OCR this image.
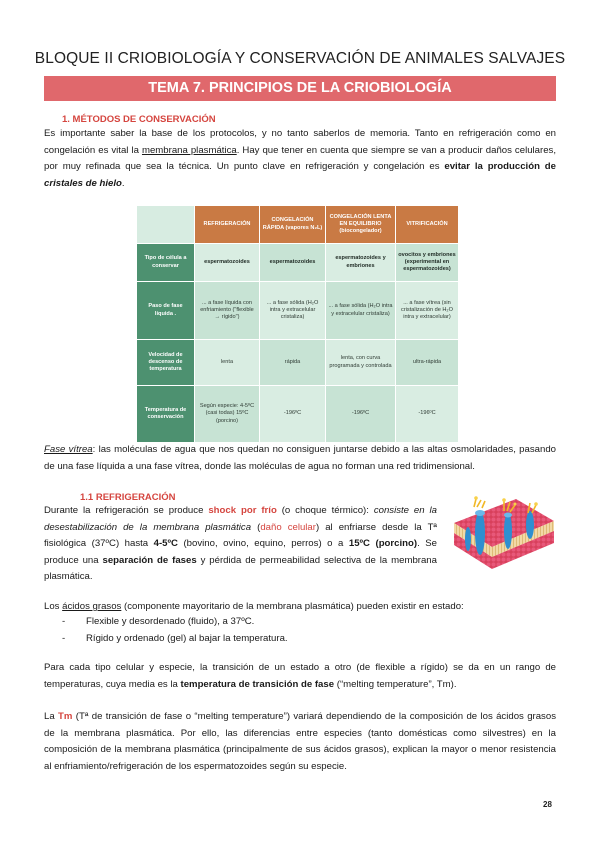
BLOQUE II CRIOBIOLOGÍA Y CONSERVACIÓN DE ANIMALES SALVAJES
TEMA 7. PRINCIPIOS DE LA CRIOBIOLOGÍA
1. MÉTODOS DE CONSERVACIÓN
Es importante saber la base de los protocolos, y no tanto saberlos de memoria. Tanto en refrigeración como en congelación es vital la membrana plasmática. Hay que tener en cuenta que siempre se van a producir daños celulares, por muy refinada que sea la técnica. Un punto clave en refrigeración y congelación es evitar la producción de cristales de hielo.
	REFRIGERACIÓN	CONGELACIÓN RÁPIDA (vapores N₂L)	CONGELACIÓN LENTA EN EQUILIBRIO (biocongelador)	VITRIFICACIÓN
Tipo de célula a conservar	espermatozoides	espermatozoides	espermatozoides y embriones	ovocitos y embriones (experimental en espermatozoides)
Paso de fase líquida .	... a fase líquida con enfriamiento ("flexible → rígido")	... a fase sólida (H₂O intra y extracelular cristaliza)	... a fase sólida (H₂O intra y extracelular cristaliza)	... a fase vítrea (sin cristalización de H₂O intra y extracelular)
Velocidad de descenso de temperatura	lenta	rápida	lenta, con curva programada y controlada	ultra-rápida
Temperatura de conservación	Según especie: 4-5ºC (casi todas) 15ºC (porcino)	-196ºC	-196ºC	-196ºC
Fase vítrea: las moléculas de agua que nos quedan no consiguen juntarse debido a las altas osmolaridades, pasando de una fase líquida a una fase vítrea, donde las moléculas de agua no forman una red tridimensional.
1.1 REFRIGERACIÓN
Durante la refrigeración se produce shock por frío (o choque térmico): consiste en la desestabilización de la membrana plasmática (daño celular) al enfriarse desde la Tª fisiológica (37ºC) hasta 4-5ºC (bovino, ovino, equino, perros) o a 15ºC (porcino). Se produce una separación de fases y pérdida de permeabilidad selectiva de la membrana plasmática.
Los ácidos grasos (componente mayoritario de la membrana plasmática) pueden existir en estado:
-	Flexible y desordenado (fluido), a 37ºC.
-	Rígido y ordenado (gel) al bajar la temperatura.
Para cada tipo celular y especie, la transición de un estado a otro (de flexible a rígido) se da en un rango de temperaturas, cuya media es la temperatura de transición de fase (“melting temperature”, Tm).
La Tm (Tª de transición de fase o “melting temperature”) variará dependiendo de la composición de los ácidos grasos de la membrana plasmática. Por ello, las diferencias entre especies (tanto domésticas como silvestres) en la composición de la membrana plasmática (principalmente de sus ácidos grasos), explican la mayor o menor resistencia al enfriamiento/refrigeración de los espermatozoides según su especie.
28
